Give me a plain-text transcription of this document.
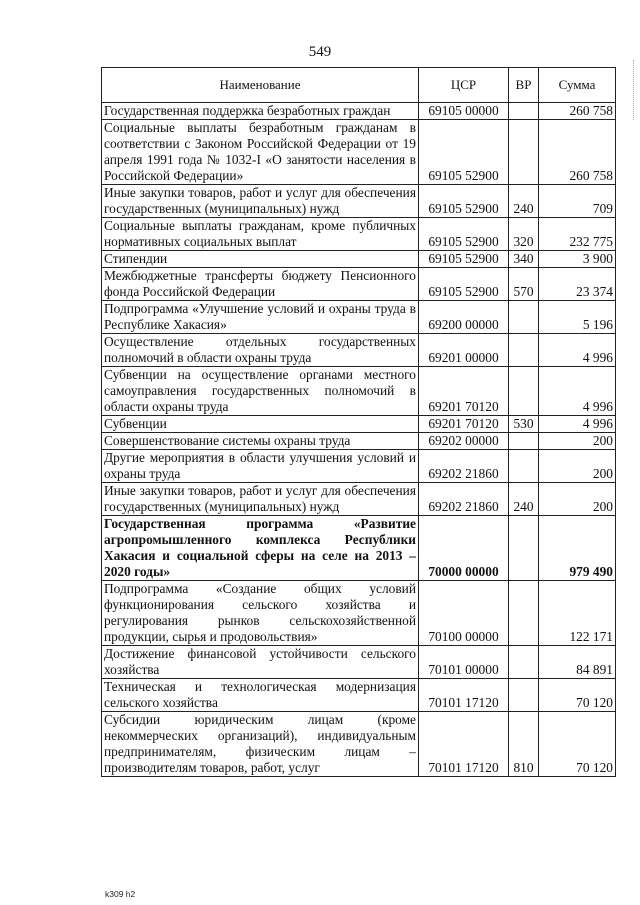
549
Наименование	ЦСР	ВР	Сумма
Государственная поддержка безработных граждан	69105 00000		260 758
Социальные выплаты безработным гражданам в соответствии с Законом Российской Федерации от 19 апреля 1991 года № 1032-I «О занятости населения в Российской Федерации»	69105 52900		260 758
Иные закупки товаров, работ и услуг для обеспечения государственных (муниципальных) нужд	69105 52900	240	709
Социальные выплаты гражданам, кроме публичных нормативных социальных выплат	69105 52900	320	232 775
Стипендии	69105 52900	340	3 900
Межбюджетные трансферты бюджету Пенсионного фонда Российской Федерации	69105 52900	570	23 374
Подпрограмма «Улучшение условий и охраны труда в Республике Хакасия»	69200 00000		5 196
Осуществление отдельных государственных полномочий в области охраны труда	69201 00000		4 996
Субвенции на осуществление органами местного самоуправления государственных полномочий в области охраны труда	69201 70120		4 996
Субвенции	69201 70120	530	4 996
Совершенствование системы охраны труда	69202 00000		200
Другие мероприятия в области улучшения условий и охраны труда	69202 21860		200
Иные закупки товаров, работ и услуг для обеспечения государственных (муниципальных) нужд	69202 21860	240	200
Государственная программа «Развитие агропромышленного комплекса Республики Хакасия и социальной сферы на селе на 2013 – 2020 годы»	70000 00000		979 490
Подпрограмма «Создание общих условий функционирования сельского хозяйства и регулирования рынков сельскохозяйственной продукции, сырья и продовольствия»	70100 00000		122 171
Достижение финансовой устойчивости сельского хозяйства	70101 00000		84 891
Техническая и технологическая модернизация сельского хозяйства	70101 17120		70 120
Субсидии юридическим лицам (кроме некоммерческих организаций), индивидуальным предпринимателям, физическим лицам – производителям товаров, работ, услуг	70101 17120	810	70 120
k309 h2
